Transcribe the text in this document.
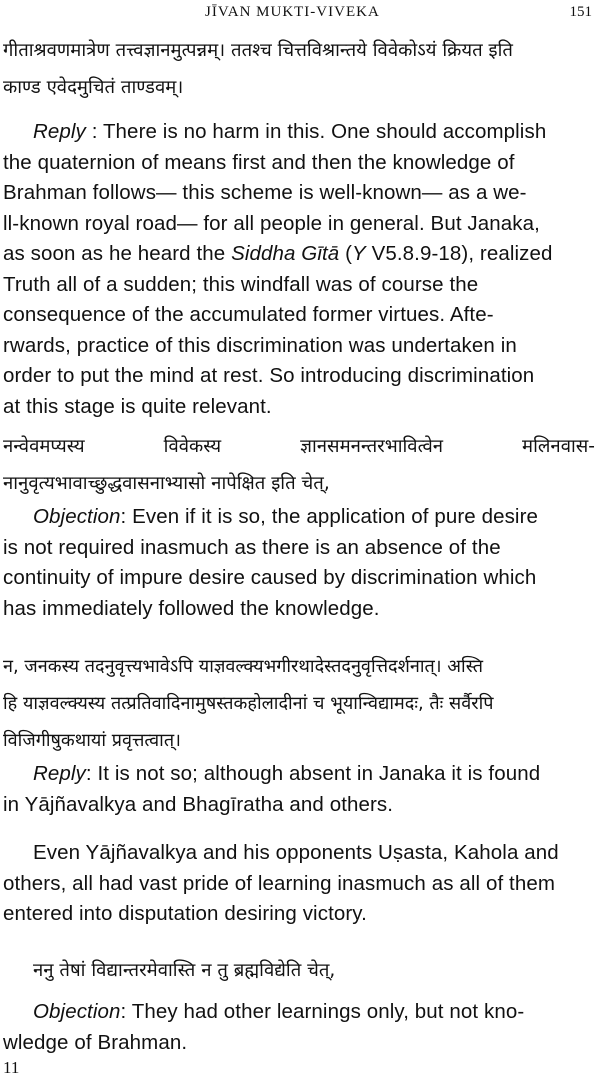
JĪVAN MUKTI-VIVEKA	151
गीताश्रवणमात्रेण तत्त्वज्ञानमुत्पन्नम्। ततश्च चित्तविश्रान्तये विवेकोऽयं क्रियत इति
काण्ड एवेदमुचितं ताण्डवम्।
Reply : There is no harm in this. One should accomplish
the quaternion of means first and then the knowledge of
Brahman follows— this scheme is well-known— as a we-
ll-known royal road— for all people in general. But Janaka,
as soon as he heard the Siddha Gītā (Y V5.8.9-18), realized
Truth all of a sudden; this windfall was of course the
consequence of the accumulated former virtues. Afte-
rwards, practice of this discrimination was undertaken in
order to put the mind at rest. So introducing discrimination
at this stage is quite relevant.
नन्वेवमप्यस्य	विवेकस्य	ज्ञानसमनन्तरभावित्वेन	मलिनवास-
नानुवृत्यभावाच्छुद्धवासनाभ्यासो नापेक्षित इति चेत्,
Objection: Even if it is so, the application of pure desire
is not required inasmuch as there is an absence of the
continuity of impure desire caused by discrimination which
has immediately followed the knowledge.
न, जनकस्य तदनुवृत्त्यभावेऽपि याज्ञवल्क्यभगीरथादेस्तदनुवृत्तिदर्शनात्। अस्ति
हि याज्ञवल्क्यस्य तत्प्रतिवादिनामुषस्तकहोलादीनां च भूयान्विद्यामदः, तैः सर्वैरपि
विजिगीषुकथायां प्रवृत्तत्वात्।
Reply: It is not so; although absent in Janaka it is found
in Yājñavalkya and Bhagīratha and others.
Even Yājñavalkya and his opponents Uṣasta, Kahola and
others, all had vast pride of learning inasmuch as all of them
entered into disputation desiring victory.
ननु तेषां विद्यान्तरमेवास्ति न तु ब्रह्मविद्येति चेत्,
Objection: They had other learnings only, but not kno-
wledge of Brahman.
11
